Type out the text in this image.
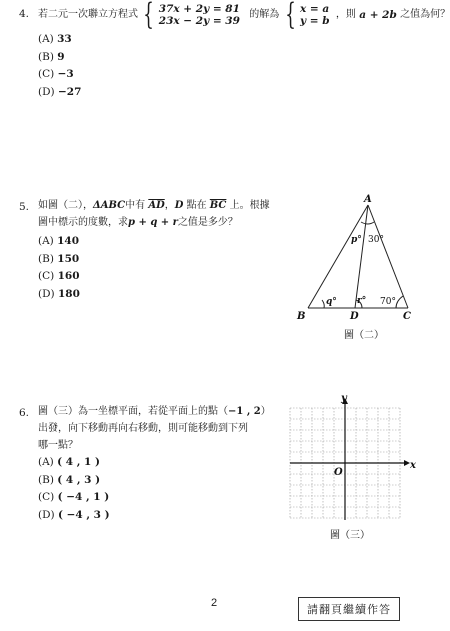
4. 若二元一次聯立方程式 { 37x + 2y = 81
23x − 2y = 39
的解為 { x = a
y = b
，則 a + 2b 之值為何？
(A) 33
(B) 9
(C) −3
(D) −27
5. 如圖（二），ΔABC中有 $\overline{AD}$，D 點在 $\overline{BC}$ 上。根據
圖中標示的度數，求p + q + r之值是多少？
(A) 140
(B) 150
(C) 160
(D) 180
A
B	C
D
p° 30°
q° r° 70°
圖（二）
6. 圖（三）為一坐標平面，若從平面上的點（−1 , 2）
出發，向下移動再向右移動，則可能移動到下列
哪一點？
(A) ( 4 , 1 )
(B) ( 4 , 3 )
(C) ( −4 , 1 )
(D) ( −4 , 3 )
y
x
O
圖（三）
2	請翻頁繼續作答
